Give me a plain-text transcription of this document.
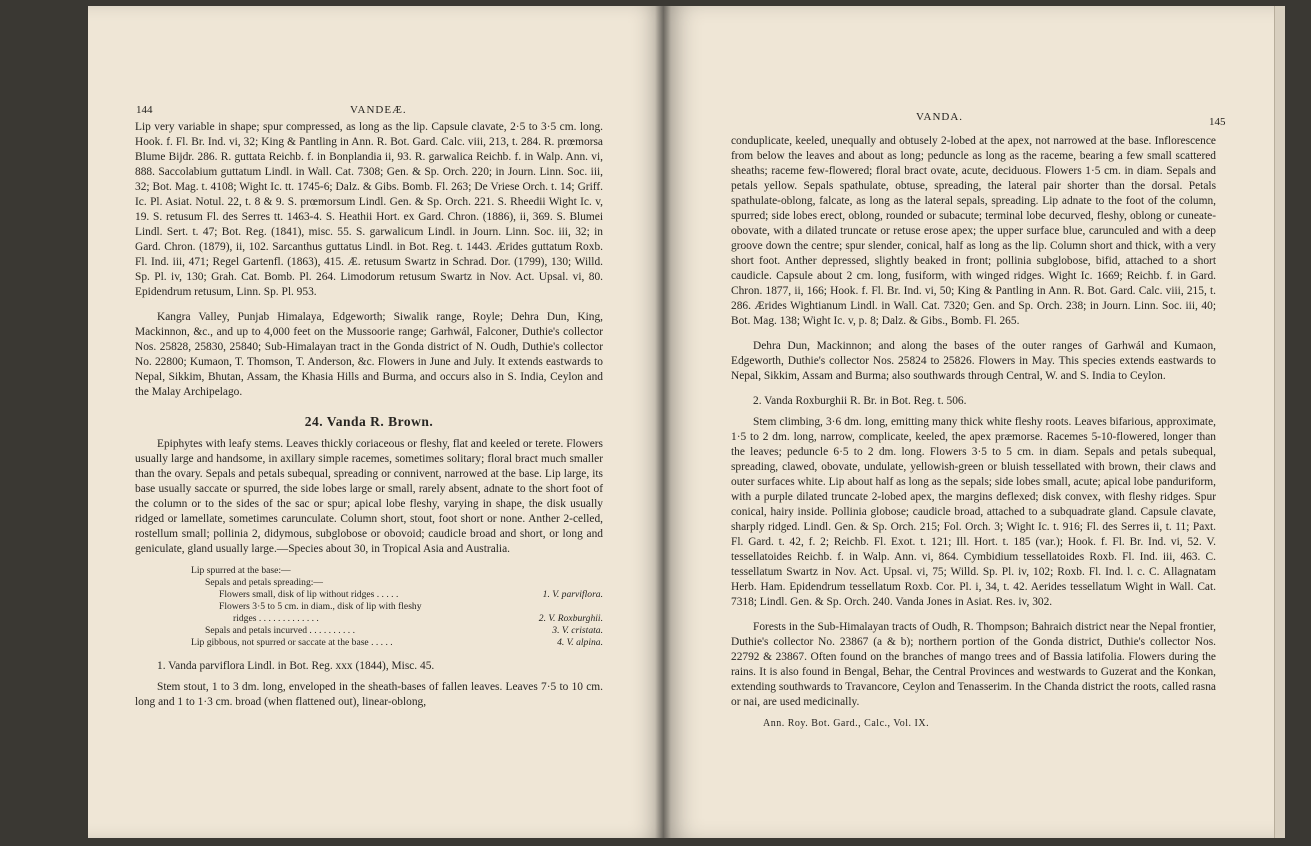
144	VANDEÆ.

Lip very variable in shape; spur compressed, as long as the lip. Capsule clavate, 2·5 to 3·5 cm. long. Hook. f. Fl. Br. Ind. vi, 32; King & Pantling in Ann. R. Bot. Gard. Calc. viii, 213, t. 284. R. prœmorsa Blume Bijdr. 286. R. guttata Reichb. f. in Bonplandia ii, 93. R. garwalica Reichb. f. in Walp. Ann. vi, 888. Saccolabium guttatum Lindl. in Wall. Cat. 7308; Gen. & Sp. Orch. 220; in Journ. Linn. Soc. iii, 32; Bot. Mag. t. 4108; Wight Ic. tt. 1745-6; Dalz. & Gibs. Bomb. Fl. 263; De Vriese Orch. t. 14; Griff. Ic. Pl. Asiat. Notul. 22, t. 8 & 9. S. prœmorsum Lindl. Gen. & Sp. Orch. 221. S. Rheedii Wight Ic. v, 19. S. retusum Fl. des Serres tt. 1463-4. S. Heathii Hort. ex Gard. Chron. (1886), ii, 369. S. Blumei Lindl. Sert. t. 47; Bot. Reg. (1841), misc. 55. S. garwalicum Lindl. in Journ. Linn. Soc. iii, 32; in Gard. Chron. (1879), ii, 102. Sarcanthus guttatus Lindl. in Bot. Reg. t. 1443. Ærides guttatum Roxb. Fl. Ind. iii, 471; Regel Gartenfl. (1863), 415. Æ. retusum Swartz in Schrad. Dor. (1799), 130; Willd. Sp. Pl. iv, 130; Grah. Cat. Bomb. Pl. 264. Limodorum retusum Swartz in Nov. Act. Upsal. vi, 80. Epidendrum retusum, Linn. Sp. Pl. 953.

Kangra Valley, Punjab Himalaya, Edgeworth; Siwalik range, Royle; Dehra Dun, King, Mackinnon, &c., and up to 4,000 feet on the Mussoorie range; Garhwál, Falconer, Duthie's collector Nos. 25828, 25830, 25840; Sub-Himalayan tract in the Gonda district of N. Oudh, Duthie's collector No. 22800; Kumaon, T. Thomson, T. Anderson, &c. Flowers in June and July. It extends eastwards to Nepal, Sikkim, Bhutan, Assam, the Khasia Hills and Burma, and occurs also in S. India, Ceylon and the Malay Archipelago.

24. Vanda R. Brown.

Epiphytes with leafy stems. Leaves thickly coriaceous or fleshy, flat and keeled or terete. Flowers usually large and handsome, in axillary simple racemes, sometimes solitary; floral bract much smaller than the ovary. Sepals and petals subequal, spreading or connivent, narrowed at the base. Lip large, its base usually saccate or spurred, the side lobes large or small, rarely absent, adnate to the short foot of the column or to the sides of the sac or spur; apical lobe fleshy, varying in shape, the disk usually ridged or lamellate, sometimes carunculate. Column short, stout, foot short or none. Anther 2-celled, rostellum small; pollinia 2, didymous, subglobose or obovoid; caudicle broad and short, or long and geniculate, gland usually large.—Species about 30, in Tropical Asia and Australia.

Lip spurred at the base:—
Sepals and petals spreading:—
Flowers small, disk of lip without ridges . . . . .	1. V. parviflora.
Flowers 3·5 to 5 cm. in diam., disk of lip with fleshy
ridges . . . . . . . . . . . . .	2. V. Roxburghii.
Sepals and petals incurved . . . . . . . . . .	3. V. cristata.
Lip gibbous, not spurred or saccate at the base . . . . .	4. V. alpina.

1. Vanda parviflora Lindl. in Bot. Reg. xxx (1844), Misc. 45.

Stem stout, 1 to 3 dm. long, enveloped in the sheath-bases of fallen leaves. Leaves 7·5 to 10 cm. long and 1 to 1·3 cm. broad (when flattened out), linear-oblong,

VANDA.	145

conduplicate, keeled, unequally and obtusely 2-lobed at the apex, not narrowed at the base. Inflorescence from below the leaves and about as long; peduncle as long as the raceme, bearing a few small scattered sheaths; raceme few-flowered; floral bract ovate, acute, deciduous. Flowers 1·5 cm. in diam. Sepals and petals yellow. Sepals spathulate, obtuse, spreading, the lateral pair shorter than the dorsal. Petals spathulate-oblong, falcate, as long as the lateral sepals, spreading. Lip adnate to the foot of the column, spurred; side lobes erect, oblong, rounded or subacute; terminal lobe decurved, fleshy, oblong or cuneate-obovate, with a dilated truncate or retuse erose apex; the upper surface blue, carunculed and with a deep groove down the centre; spur slender, conical, half as long as the lip. Column short and thick, with a very short foot. Anther depressed, slightly beaked in front; pollinia subglobose, bifid, attached to a short caudicle. Capsule about 2 cm. long, fusiform, with winged ridges. Wight Ic. 1669; Reichb. f. in Gard. Chron. 1877, ii, 166; Hook. f. Fl. Br. Ind. vi, 50; King & Pantling in Ann. R. Bot. Gard. Calc. viii, 215, t. 286. Ærides Wightianum Lindl. in Wall. Cat. 7320; Gen. and Sp. Orch. 238; in Journ. Linn. Soc. iii, 40; Bot. Mag. 138; Wight Ic. v, p. 8; Dalz. & Gibs., Bomb. Fl. 265.

Dehra Dun, Mackinnon; and along the bases of the outer ranges of Garhwál and Kumaon, Edgeworth, Duthie's collector Nos. 25824 to 25826. Flowers in May. This species extends eastwards to Nepal, Sikkim, Assam and Burma; also southwards through Central, W. and S. India to Ceylon.

2. Vanda Roxburghii R. Br. in Bot. Reg. t. 506.

Stem climbing, 3·6 dm. long, emitting many thick white fleshy roots. Leaves bifarious, approximate, 1·5 to 2 dm. long, narrow, complicate, keeled, the apex præmorse. Racemes 5-10-flowered, longer than the leaves; peduncle 6·5 to 2 dm. long. Flowers 3·5 to 5 cm. in diam. Sepals and petals subequal, spreading, clawed, obovate, undulate, yellowish-green or bluish tessellated with brown, their claws and outer surfaces white. Lip about half as long as the sepals; side lobes small, acute; apical lobe panduriform, with a purple dilated truncate 2-lobed apex, the margins deflexed; disk convex, with fleshy ridges. Spur conical, hairy inside. Pollinia globose; caudicle broad, attached to a subquadrate gland. Capsule clavate, sharply ridged. Lindl. Gen. & Sp. Orch. 215; Fol. Orch. 3; Wight Ic. t. 916; Fl. des Serres ii, t. 11; Paxt. Fl. Gard. t. 42, f. 2; Reichb. Fl. Exot. t. 121; Ill. Hort. t. 185 (var.); Hook. f. Fl. Br. Ind. vi, 52. V. tessellatoides Reichb. f. in Walp. Ann. vi, 864. Cymbidium tessellatoides Roxb. Fl. Ind. iii, 463. C. tessellatum Swartz in Nov. Act. Upsal. vi, 75; Willd. Sp. Pl. iv, 102; Roxb. Fl. Ind. l. c. C. Allagnatam Herb. Ham. Epidendrum tessellatum Roxb. Cor. Pl. i, 34, t. 42. Aerides tessellatum Wight in Wall. Cat. 7318; Lindl. Gen. & Sp. Orch. 240. Vanda Jones in Asiat. Res. iv, 302.

Forests in the Sub-Himalayan tracts of Oudh, R. Thompson; Bahraich district near the Nepal frontier, Duthie's collector No. 23867 (a & b); northern portion of the Gonda district, Duthie's collector Nos. 22792 & 23867. Often found on the branches of mango trees and of Bassia latifolia. Flowers during the rains. It is also found in Bengal, Behar, the Central Provinces and westwards to Guzerat and the Konkan, extending southwards to Travancore, Ceylon and Tenasserim. In the Chanda district the roots, called rasna or nai, are used medicinally.

Ann. Roy. Bot. Gard., Calc., Vol. IX.
